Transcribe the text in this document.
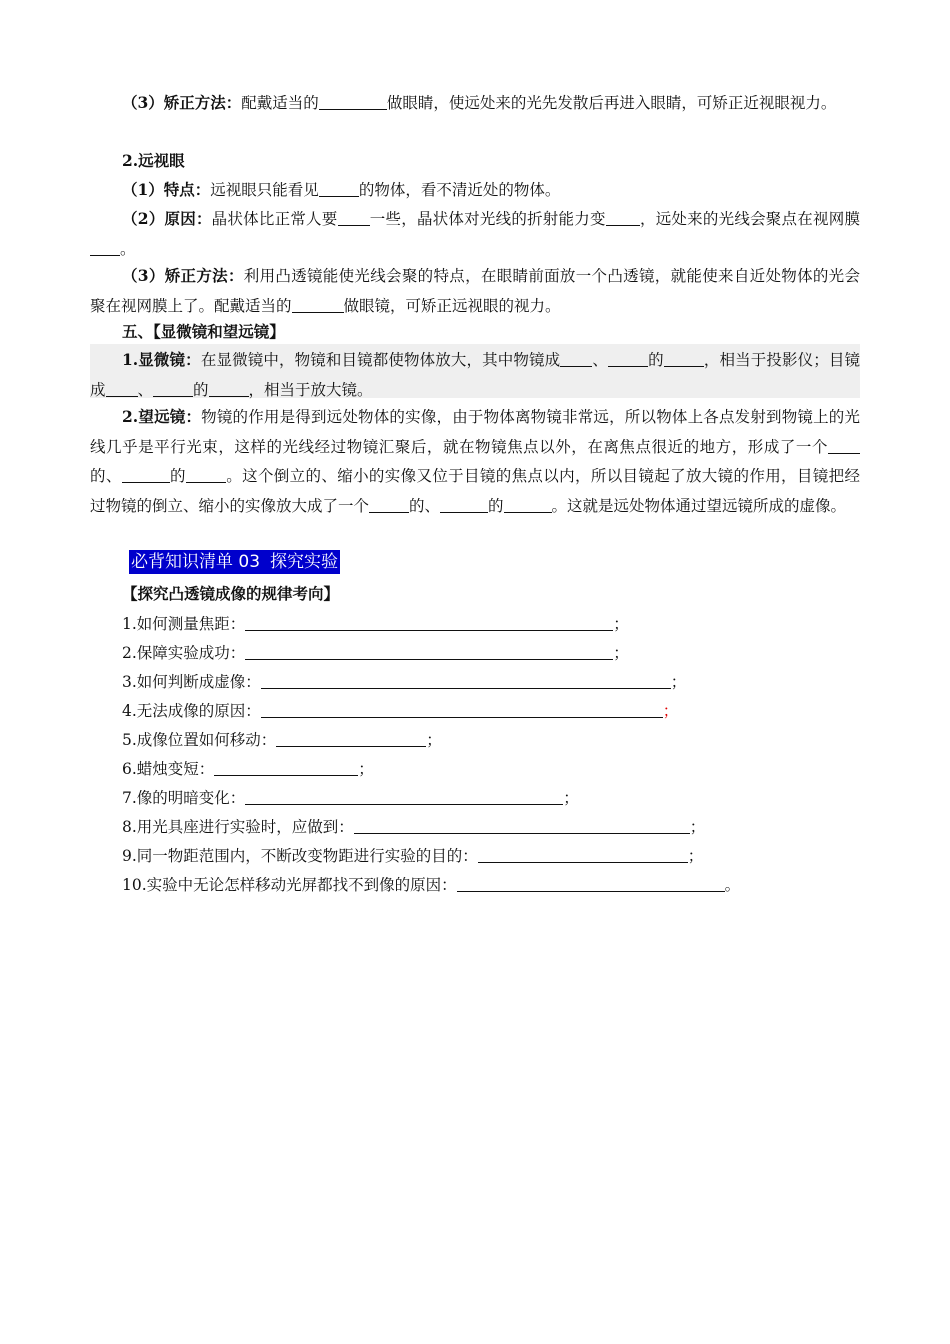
（3）矫正方法：配戴适当的	做眼睛，使远处来的光先发散后再进入眼睛，可矫正近视眼视力。

2.远视眼

（1）特点：远视眼只能看见	的物体，看不清近处的物体。

（2）原因：晶状体比正常人要 一些，晶状体对光线的折射能力变 ，远处来的光线会聚点在视网膜。

（3）矫正方法：利用凸透镜能使光线会聚的特点，在眼睛前面放一个凸透镜，就能使来自近处物体的光会聚在视网膜上了。配戴适当的	做眼镜，可矫正远视眼的视力。

五、【显微镜和望远镜】

1.显微镜：在显微镜中，物镜和目镜都使物体放大，其中物镜成 、	的	，相当于投影仪；目镜成 、	的	，相当于放大镜。

2.望远镜：物镜的作用是得到远处物体的实像，由于物体离物镜非常远，所以物体上各点发射到物镜上的光线几乎是平行光束，这样的光线经过物镜汇聚后，就在物镜焦点以外，在离焦点很近的地方，形成了一个的、	的	。这个倒立的、缩小的实像又位于目镜的焦点以内，所以目镜起了放大镜的作用，目镜把经过物镜的倒立、缩小的实像放大成了一个	的、	的	。这就是远处物体通过望远镜所成的虚像。

必背知识清单 03 探究实验
【探究凸透镜成像的规律考向】
1.如何测量焦距：	；
2.保障实验成功：	；
3.如何判断成虚像：	；
4.无法成像的原因：	；
5.成像位置如何移动：	；
6.蜡烛变短：	；
7.像的明暗变化：	；
8.用光具座进行实验时，应做到：	；
9.同一物距范围内，不断改变物距进行实验的目的：	；
10.实验中无论怎样移动光屏都找不到像的原因：	。
